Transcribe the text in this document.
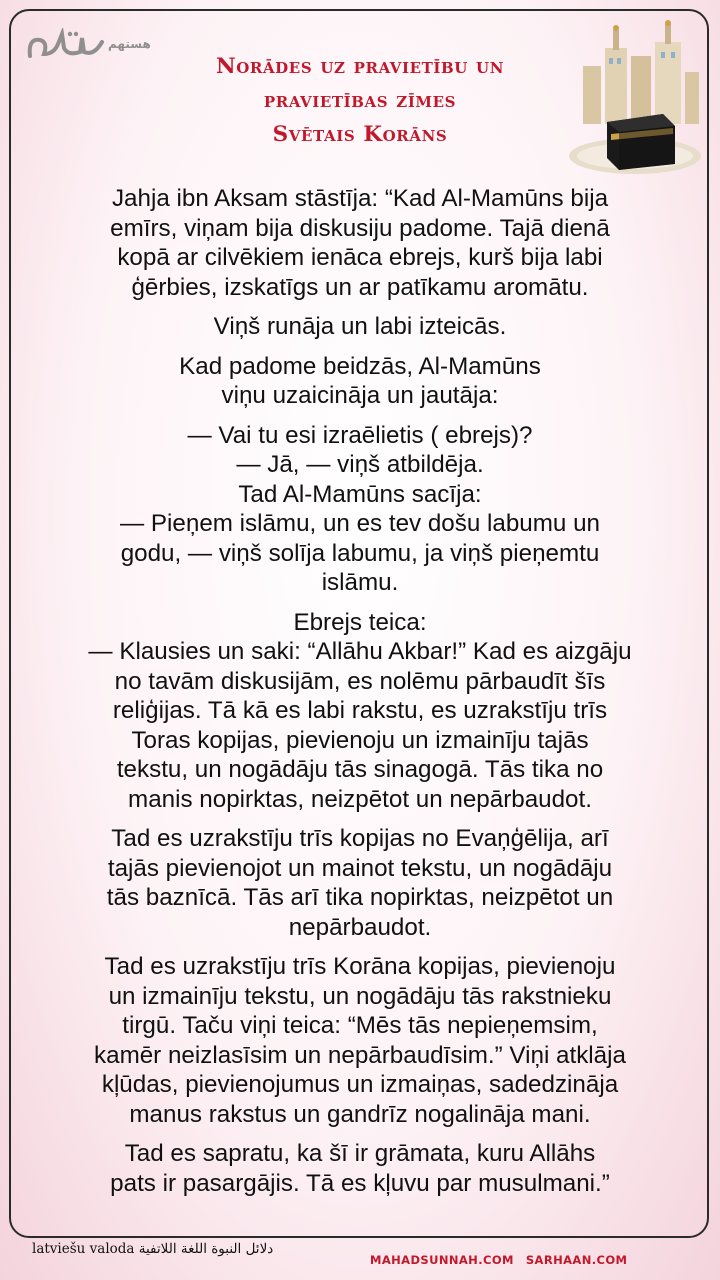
هستهم
Norādes uz pravietību un
pravietības zīmes
Svētais Korāns

Jahja ibn Aksam stāstīja: “Kad Al-Mamūns bija
emīrs, viņam bija diskusiju padome. Tajā dienā
kopā ar cilvēkiem ienāca ebrejs, kurš bija labi
ģērbies, izskatīgs un ar patīkamu aromātu.

Viņš runāja un labi izteicās.

Kad padome beidzās, Al-Mamūns
viņu uzaicināja un jautāja:

— Vai tu esi izraēlietis ( ebrejs)?
— Jā, — viņš atbildēja.
Tad Al-Mamūns sacīja:
— Pieņem islāmu, un es tev došu labumu un
godu, — viņš solīja labumu, ja viņš pieņemtu
islāmu.

Ebrejs teica:
— Klausies un saki: “Allāhu Akbar!” Kad es aizgāju
no tavām diskusijām, es nolēmu pārbaudīt šīs
reliģijas. Tā kā es labi rakstu, es uzrakstīju trīs
Toras kopijas, pievienoju un izmainīju tajās
tekstu, un nogādāju tās sinagogā. Tās tika no
manis nopirktas, neizpētot un nepārbaudot.

Tad es uzrakstīju trīs kopijas no Evaņģēlija, arī
tajās pievienojot un mainot tekstu, un nogādāju
tās baznīcā. Tās arī tika nopirktas, neizpētot un
nepārbaudot.

Tad es uzrakstīju trīs Korāna kopijas, pievienoju
un izmainīju tekstu, un nogādāju tās rakstnieku
tirgū. Taču viņi teica: “Mēs tās nepieņemsim,
kamēr neizlasīsim un nepārbaudīsim.” Viņi atklāja
kļūdas, pievienojumus un izmaiņas, sadedzināja
manus rakstus un gandrīz nogalināja mani.

Tad es sapratu, ka šī ir grāmata, kuru Allāhs
pats ir pasargājis. Tā es kļuvu par musulmani.”

latviešu valoda دلائل النبوة اللغة اللاتفية
MAHADSUNNAH.COM SARHAAN.COM
